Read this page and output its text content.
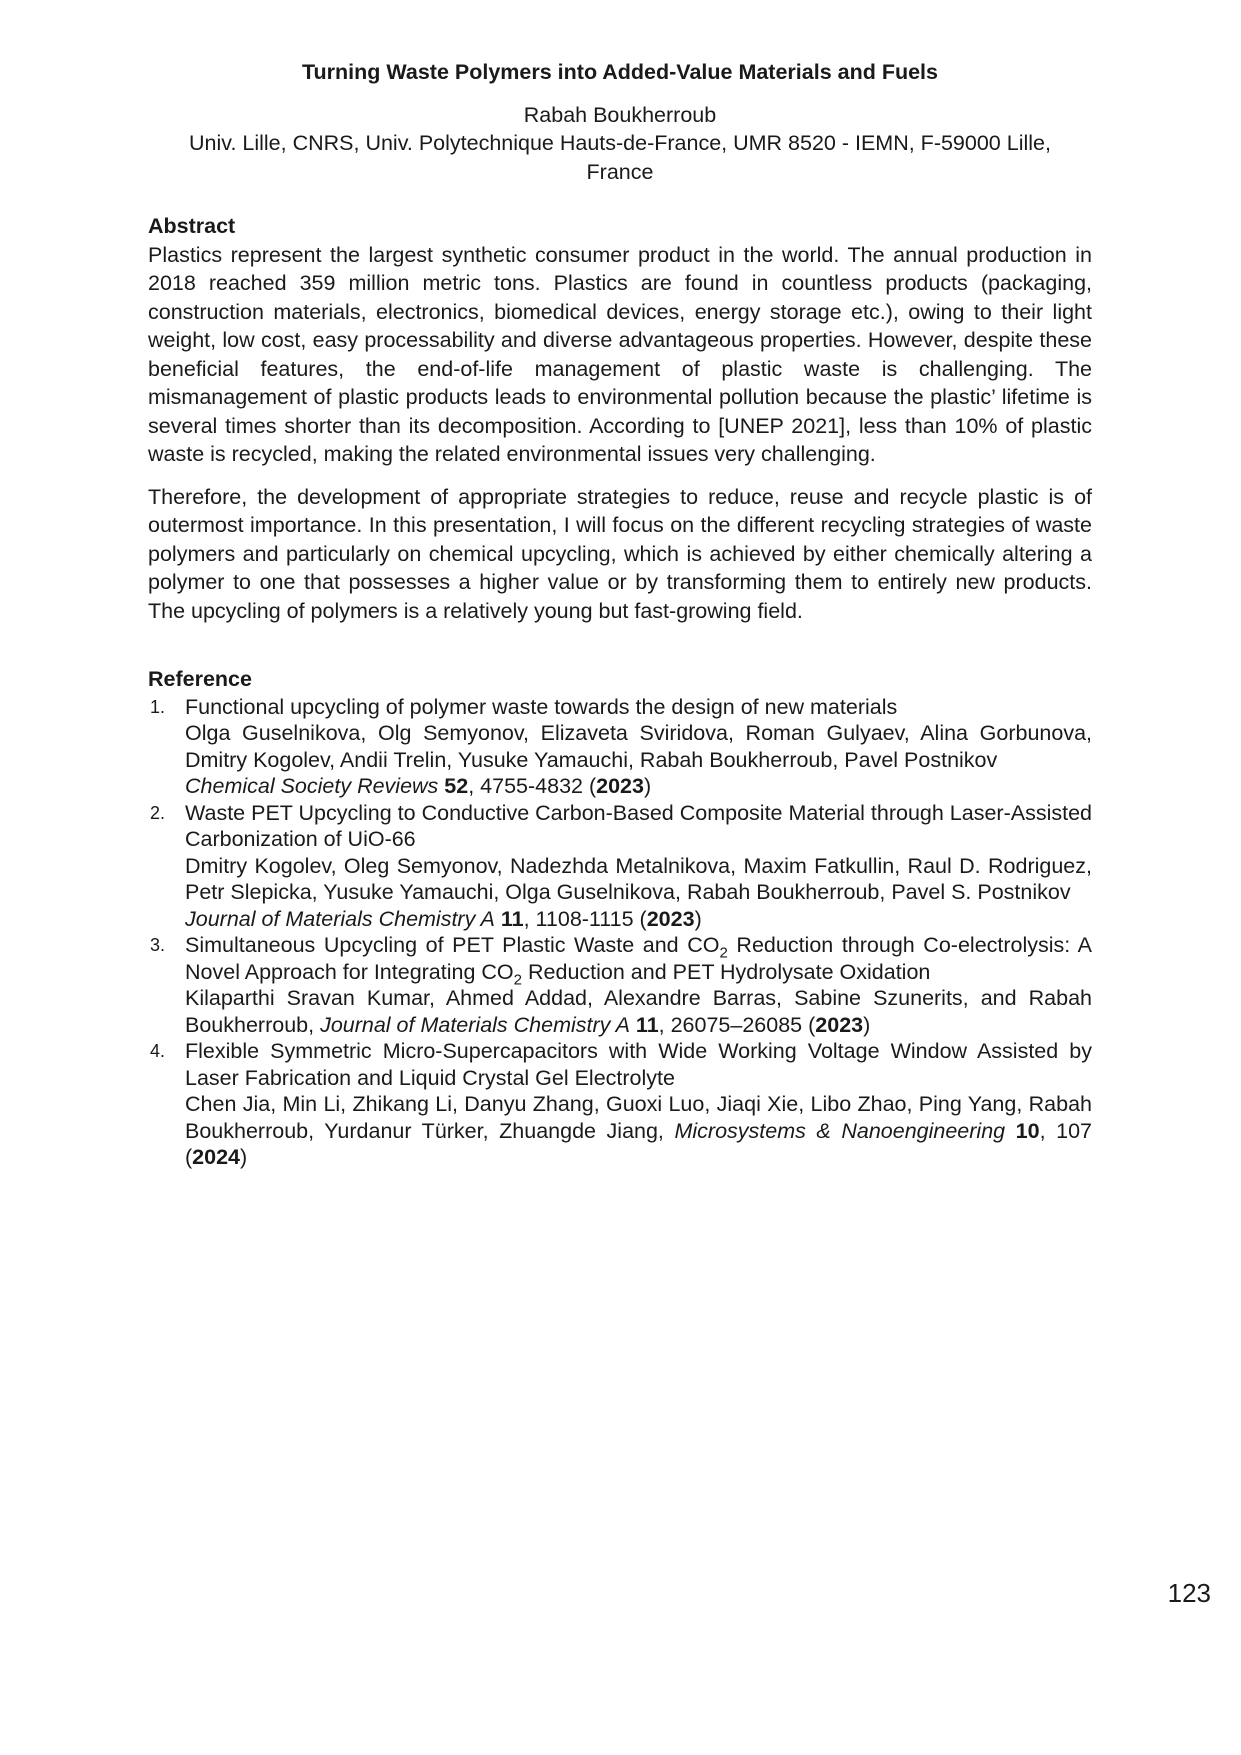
Turning Waste Polymers into Added-Value Materials and Fuels

Rabah Boukherroub

Univ. Lille, CNRS, Univ. Polytechnique Hauts-de-France, UMR 8520 - IEMN, F-59000 Lille,

France

Abstract

Plastics represent the largest synthetic consumer product in the world. The annual production in 2018 reached 359 million metric tons. Plastics are found in countless products (packaging, construction materials, electronics, biomedical devices, energy storage etc.), owing to their light weight, low cost, easy processability and diverse advantageous properties. However, despite these beneficial features, the end-of-life management of plastic waste is challenging. The mismanagement of plastic products leads to environmental pollution because the plastic’ lifetime is several times shorter than its decomposition. According to [UNEP 2021], less than 10% of plastic waste is recycled, making the related environmental issues very challenging.

Therefore, the development of appropriate strategies to reduce, reuse and recycle plastic is of outermost importance. In this presentation, I will focus on the different recycling strategies of waste polymers and particularly on chemical upcycling, which is achieved by either chemically altering a polymer to one that possesses a higher value or by transforming them to entirely new products. The upcycling of polymers is a relatively young but fast-growing field.

Reference

1. Functional upcycling of polymer waste towards the design of new materials
Olga Guselnikova, Olg Semyonov, Elizaveta Sviridova, Roman Gulyaev, Alina Gorbunova, Dmitry Kogolev, Andii Trelin, Yusuke Yamauchi, Rabah Boukherroub, Pavel Postnikov
Chemical Society Reviews 52, 4755-4832 (2023)
2. Waste PET Upcycling to Conductive Carbon-Based Composite Material through Laser-Assisted Carbonization of UiO-66
Dmitry Kogolev, Oleg Semyonov, Nadezhda Metalnikova, Maxim Fatkullin, Raul D. Rodriguez, Petr Slepicka, Yusuke Yamauchi, Olga Guselnikova, Rabah Boukherroub, Pavel S. Postnikov
Journal of Materials Chemistry A 11, 1108-1115 (2023)
3. Simultaneous Upcycling of PET Plastic Waste and $CO_2$ Reduction through Co-electrolysis: A Novel Approach for Integrating $CO_2$ Reduction and PET Hydrolysate Oxidation
Kilaparthi Sravan Kumar, Ahmed Addad, Alexandre Barras, Sabine Szunerits, and Rabah Boukherroub, Journal of Materials Chemistry A 11, 26075–26085 (2023)
4. Flexible Symmetric Micro-Supercapacitors with Wide Working Voltage Window Assisted by Laser Fabrication and Liquid Crystal Gel Electrolyte
Chen Jia, Min Li, Zhikang Li, Danyu Zhang, Guoxi Luo, Jiaqi Xie, Libo Zhao, Ping Yang, Rabah Boukherroub, Yurdanur Türker, Zhuangde Jiang, Microsystems & Nanoengineering 10, 107 (2024)
123
